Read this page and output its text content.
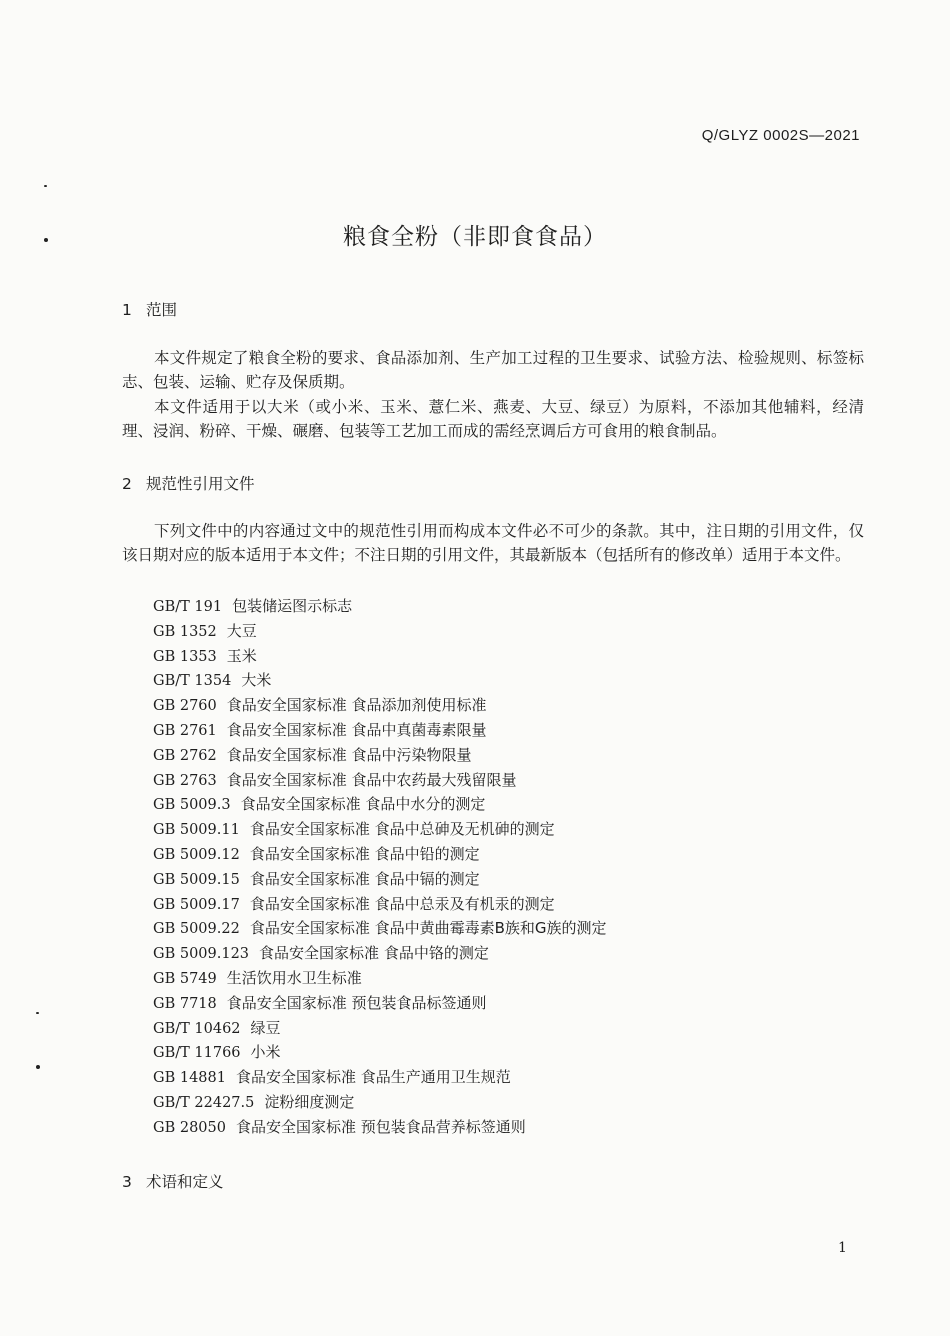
Q/GLYZ 0002S—2021
粮食全粉（非即食食品）
1 范围

本文件规定了粮食全粉的要求、食品添加剂、生产加工过程的卫生要求、试验方法、检验规则、标签标志、包装、运输、贮存及保质期。

本文件适用于以大米（或小米、玉米、薏仁米、燕麦、大豆、绿豆）为原料，不添加其他辅料，经清理、浸润、粉碎、干燥、碾磨、包装等工艺加工而成的需经烹调后方可食用的粮食制品。

2 规范性引用文件

下列文件中的内容通过文中的规范性引用而构成本文件必不可少的条款。其中，注日期的引用文件，仅该日期对应的版本适用于本文件；不注日期的引用文件，其最新版本（包括所有的修改单）适用于本文件。

GB/T 191 包装储运图示标志
GB 1352 大豆
GB 1353 玉米
GB/T 1354 大米
GB 2760 食品安全国家标准 食品添加剂使用标准
GB 2761 食品安全国家标准 食品中真菌毒素限量
GB 2762 食品安全国家标准 食品中污染物限量
GB 2763 食品安全国家标准 食品中农药最大残留限量
GB 5009.3 食品安全国家标准 食品中水分的测定
GB 5009.11 食品安全国家标准 食品中总砷及无机砷的测定
GB 5009.12 食品安全国家标准 食品中铅的测定
GB 5009.15 食品安全国家标准 食品中镉的测定
GB 5009.17 食品安全国家标准 食品中总汞及有机汞的测定
GB 5009.22 食品安全国家标准 食品中黄曲霉毒素B族和G族的测定
GB 5009.123 食品安全国家标准 食品中铬的测定
GB 5749 生活饮用水卫生标准
GB 7718 食品安全国家标准 预包装食品标签通则
GB/T 10462 绿豆
GB/T 11766 小米
GB 14881 食品安全国家标准 食品生产通用卫生规范
GB/T 22427.5 淀粉细度测定
GB 28050 食品安全国家标准 预包装食品营养标签通则
3 术语和定义
1
